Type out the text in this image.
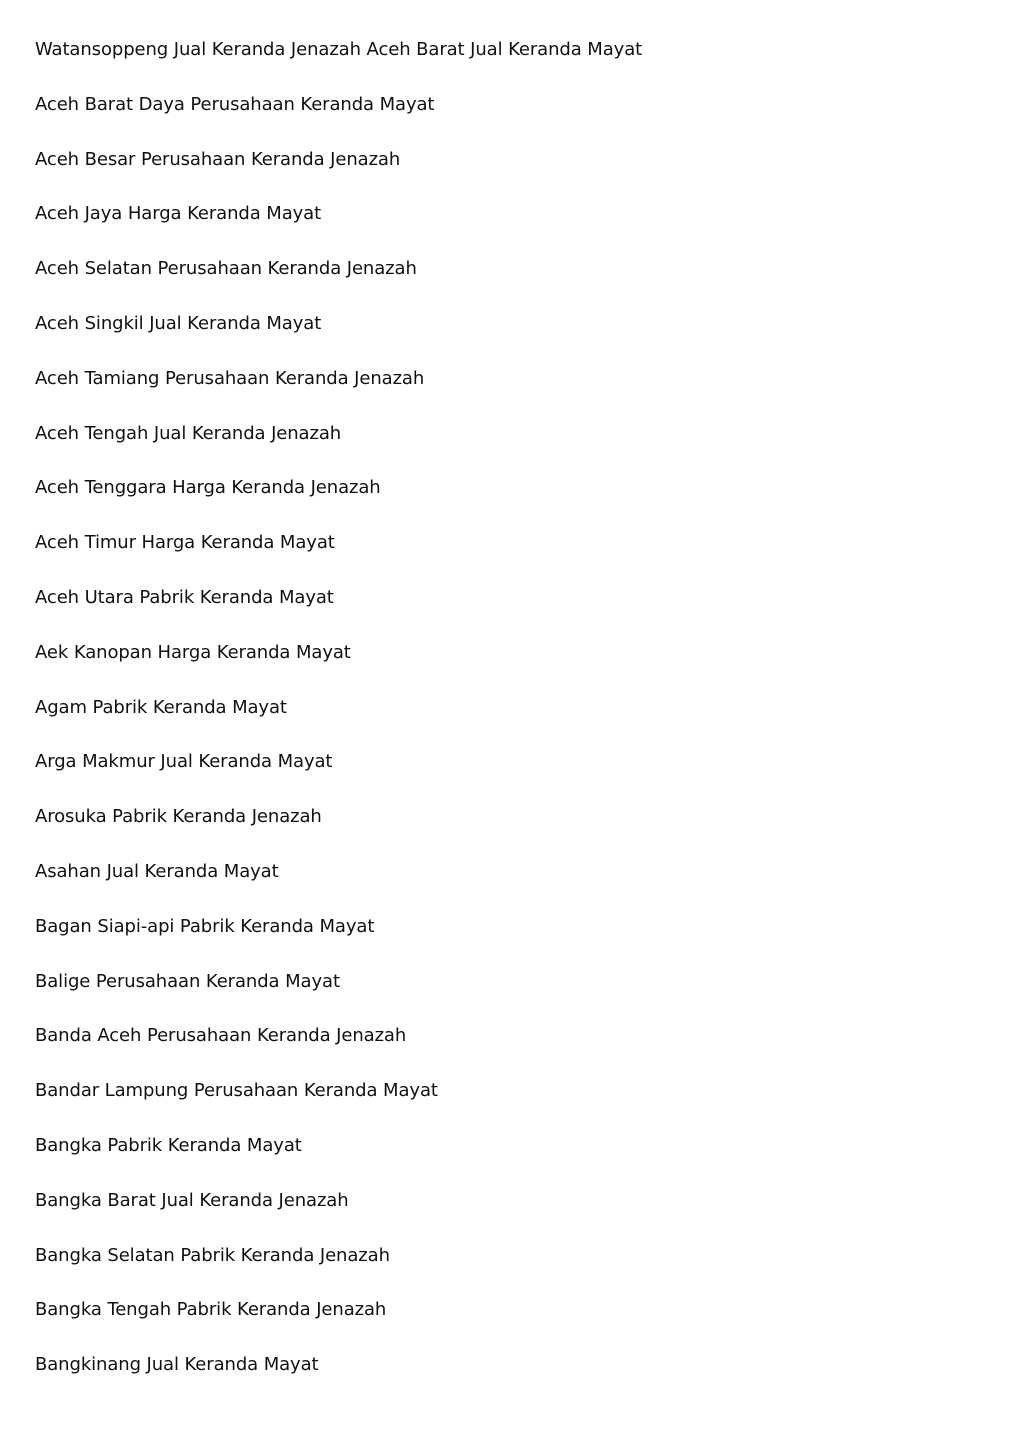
Watansoppeng Jual Keranda Jenazah Aceh Barat Jual Keranda Mayat
Aceh Barat Daya Perusahaan Keranda Mayat
Aceh Besar Perusahaan Keranda Jenazah
Aceh Jaya Harga Keranda Mayat
Aceh Selatan Perusahaan Keranda Jenazah
Aceh Singkil Jual Keranda Mayat
Aceh Tamiang Perusahaan Keranda Jenazah
Aceh Tengah Jual Keranda Jenazah
Aceh Tenggara Harga Keranda Jenazah
Aceh Timur Harga Keranda Mayat
Aceh Utara Pabrik Keranda Mayat
Aek Kanopan Harga Keranda Mayat
Agam Pabrik Keranda Mayat
Arga Makmur Jual Keranda Mayat
Arosuka Pabrik Keranda Jenazah
Asahan Jual Keranda Mayat
Bagan Siapi-api Pabrik Keranda Mayat
Balige Perusahaan Keranda Mayat
Banda Aceh Perusahaan Keranda Jenazah
Bandar Lampung Perusahaan Keranda Mayat
Bangka Pabrik Keranda Mayat
Bangka Barat Jual Keranda Jenazah
Bangka Selatan Pabrik Keranda Jenazah
Bangka Tengah Pabrik Keranda Jenazah
Bangkinang Jual Keranda Mayat
